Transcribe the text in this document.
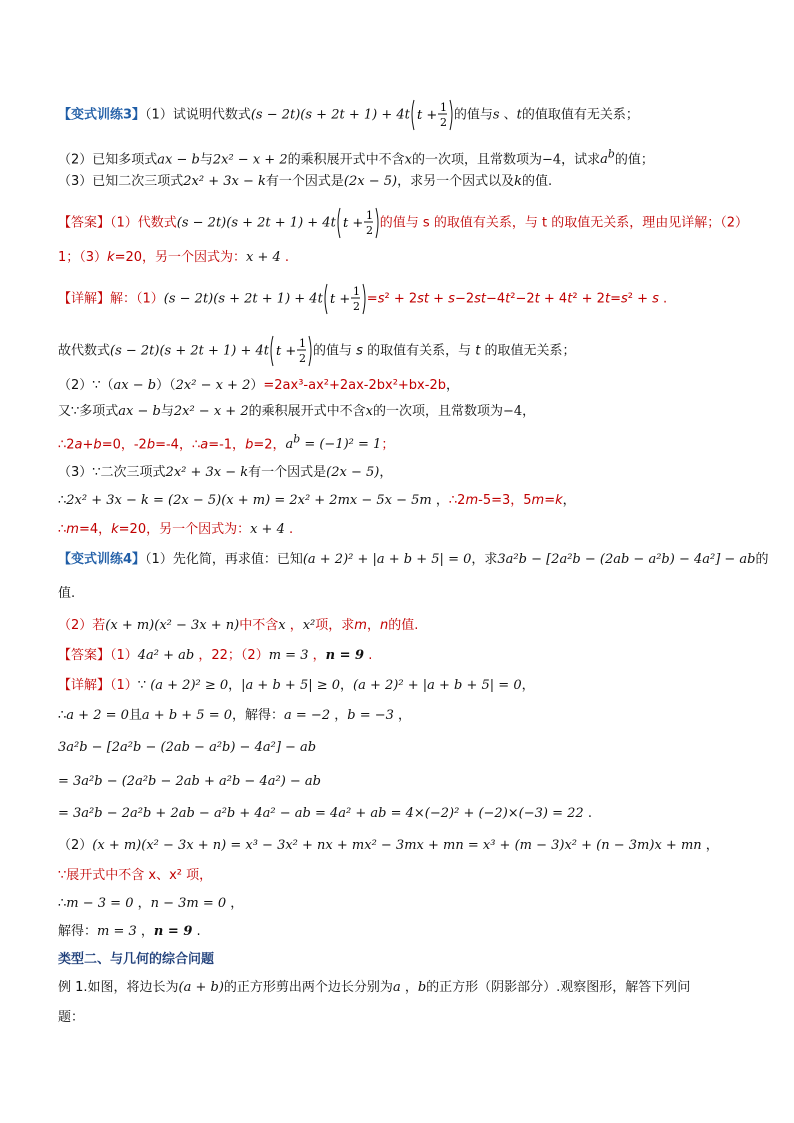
【变式训练3】（1）试说明代数式(s − 2t)(s + 2t + 1) + 4t t +
1
2 的值与s 、t的值取值有无关系；
（2）已知多项式ax − b与2x² − x + 2的乘积展开式中不含x的一次项，且常数项为−4，试求$a^b$的值；
（3）已知二次三项式2x² + 3x − k有一个因式是(2x − 5)，求另一个因式以及k的值.
【答案】（1）代数式(s − 2t)(s + 2t + 1) + 4t t +
1
2 的值与 s 的取值有关系，与 t 的取值无关系，理由见详解；（2）
1；（3）k=20，另一个因式为：x + 4 .
【详解】解：（1）(s − 2t)(s + 2t + 1) + 4t t +
1
2 =s² + 2st + s−2st−4t²−2t + 4t² + 2t=s² + s .
故代数式(s − 2t)(s + 2t + 1) + 4t t +
1
2 的值与 s 的取值有关系，与 t 的取值无关系；
（2）∵（ax − b）（2x² − x + 2）=2ax³-ax²+2ax-2bx²+bx-2b，
又∵多项式ax − b与2x² − x + 2的乘积展开式中不含x的一次项，且常数项为−4，
∴2a+b=0，-2b=-4，∴a=-1，b=2，$a^b = (-1)^2 = 1$；
（3）∵二次三项式2x² + 3x − k有一个因式是(2x − 5)，
∴2x² + 3x − k = (2x − 5)(x + m) = 2x² + 2mx − 5x − 5m ，∴2m-5=3，5m=k，
∴m=4，k=20，另一个因式为：x + 4 .
【变式训练4】（1）先化简，再求值：已知(a + 2)² + |a + b + 5| = 0，求3a²b − [2a²b − (2ab − a²b) − 4a²] − ab的
值.
（2）若(x + m)(x² − 3x + n)中不含x ，x²项，求m，n的值.
【答案】（1）4a² + ab ，22；（2）m = 3 ，n = 9 .
【详解】（1）∵ (a + 2)² ≥ 0，|a + b + 5| ≥ 0，(a + 2)² + |a + b + 5| = 0，
∴a + 2 = 0且a + b + 5 = 0，解得：a = −2 ，b = −3 ，
3a²b − [2a²b − (2ab − a²b) − 4a²] − ab
= 3a²b − (2a²b − 2ab + a²b − 4a²) − ab
= 3a²b − 2a²b + 2ab − a²b + 4a² − ab = 4a² + ab = 4×(−2)² + (−2)×(−3) = 22 .
（2）(x + m)(x² − 3x + n) = x³ − 3x² + nx + mx² − 3mx + mn = x³ + (m − 3)x² + (n − 3m)x + mn ，
∵展开式中不含 x、x² 项，
∴m − 3 = 0 ，n − 3m = 0 ，
解得：m = 3 ，n = 9 .
类型二、与几何的综合问题
例 1.如图，将边长为(a + b)的正方形剪出两个边长分别为a ，b的正方形（阴影部分）.观察图形，解答下列问
题：
